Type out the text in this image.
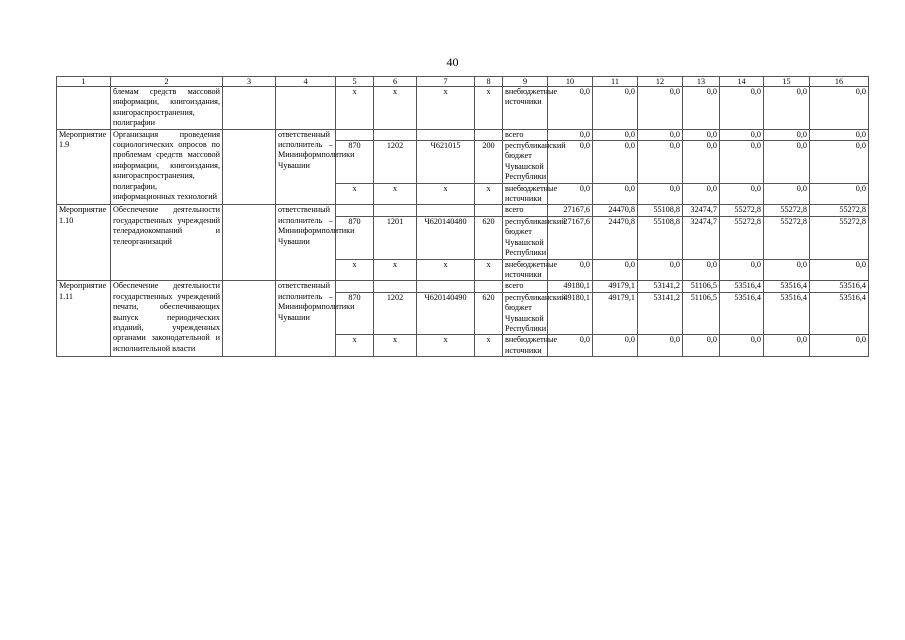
40
1	2	3	4	5	6	7	8	9	10	11	12	13	14	15	16
	блемам средств массовой информации, книгоиздания, книгораспространения, полиграфии			x	x	x	x	внебюджетные источники	0,0	0,0	0,0	0,0	0,0	0,0	0,0
Мероприятие 1.9	Организация проведения социологических опросов по проблемам средств массовой информации, книгоиздания, книгораспространения, полиграфии, информационных технологий		ответственный исполнитель – Мининформполитики Чувашии					всего	0,0	0,0	0,0	0,0	0,0	0,0	0,0
				870	1202	Ч621015	200	республиканский бюджет Чувашской Республики	0,0	0,0	0,0	0,0	0,0	0,0	0,0
				x	x	x	x	внебюджетные источники	0,0	0,0	0,0	0,0	0,0	0,0	0,0
Мероприятие 1.10	Обеспечение деятельности государственных учреждений телерадиокомпаний и телеорганизаций		ответственный исполнитель – Мининформполитики Чувашии					всего	27167,6	24470,8	55108,8	32474,7	55272,8	55272,8	55272,8
				870	1201	Ч620140480	620	республиканский бюджет Чувашской Республики	27167,6	24470,8	55108,8	32474,7	55272,8	55272,8	55272,8
				x	x	x	x	внебюджетные источники	0,0	0,0	0,0	0,0	0,0	0,0	0,0
Мероприятие 1.11	Обеспечение деятельности государственных учреждений печати, обеспечивающих выпуск периодических изданий, учрежденных органами законодательной и исполнительной власти		ответственный исполнитель – Мининформполитики Чувашии					всего	49180,1	49179,1	53141,2	51106,5	53516,4	53516,4	53516,4
				870	1202	Ч620140490	620	республиканский бюджет Чувашской Республики	49180,1	49179,1	53141,2	51106,5	53516,4	53516,4	53516,4
				x	x	x	x	внебюджетные источники	0,0	0,0	0,0	0,0	0,0	0,0	0,0
